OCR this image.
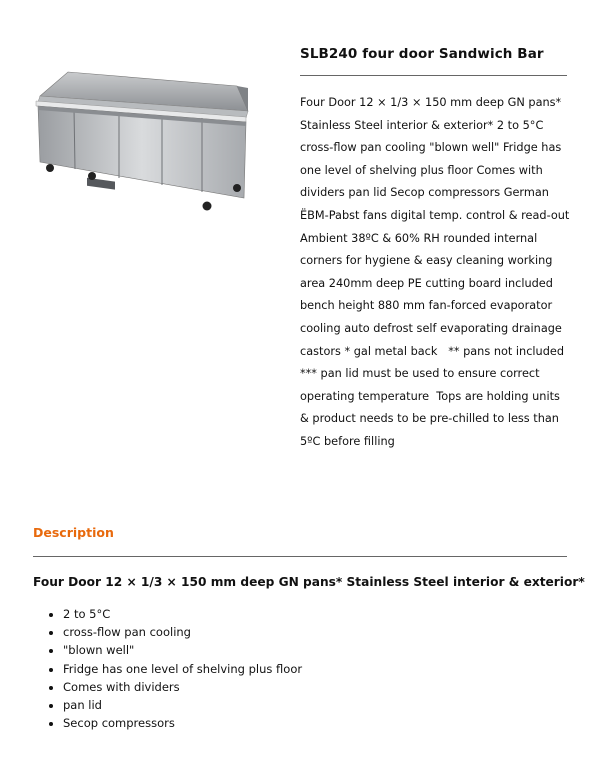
SLB240 four door Sandwich Bar

Four Door 12 × 1/3 × 150 mm deep GN pans* Stainless Steel interior & exterior* 2 to 5°C cross-flow pan cooling "blown well" Fridge has one level of shelving plus floor Comes with dividers pan lid Secop compressors German ËBM-Pabst fans digital temp. control & read-out Ambient 38ºC & 60% RH rounded internal corners for hygiene & easy cleaning working area 240mm deep PE cutting board included bench height 880 mm fan-forced evaporator cooling auto defrost self evaporating drainage castors * gal metal back   ** pans not included   *** pan lid must be used to ensure correct operating temperature  Tops are holding units & product needs to be pre-chilled to less than 5ºC before filling

Description
Four Door 12 × 1/3 × 150 mm deep GN pans* Stainless Steel interior & exterior*
• 2 to 5°C
• cross-flow pan cooling
• "blown well"
• Fridge has one level of shelving plus floor
• Comes with dividers
• pan lid
• Secop compressors
